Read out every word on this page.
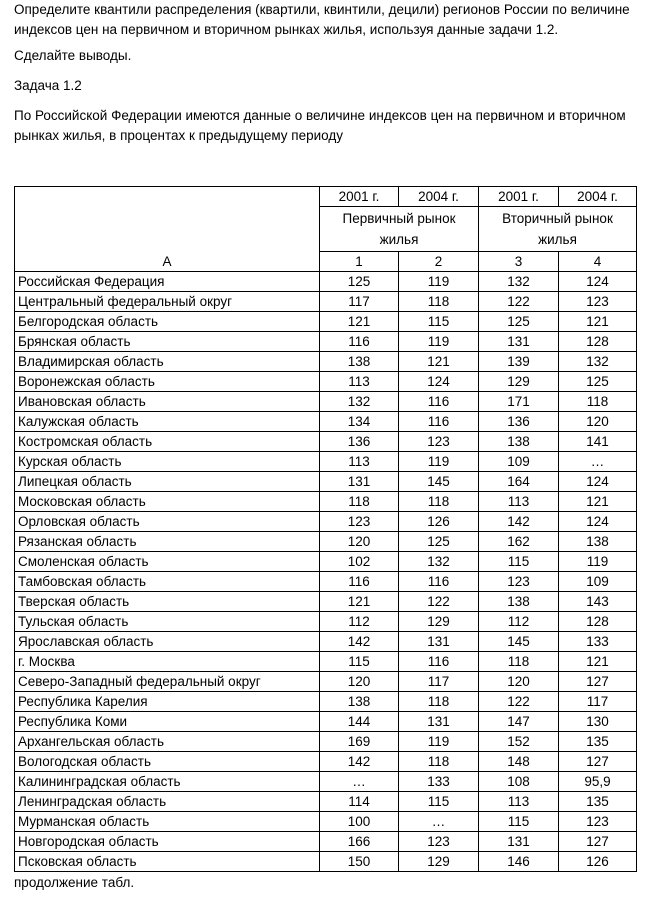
Определите квантили распределения (квартили, квинтили, децили) регионов России по величине индексов цен на первичном и вторичном рынках жилья, используя данные задачи 1.2.

Сделайте выводы.

Задача 1.2

По Российской Федерации имеются данные о величине индексов цен на первичном и вторичном рынках жилья, в процентах к предыдущему периоду

	2001 г.	2004 г.	2001 г.	2004 г.
	Первичный рынок жилья		Вторичный рынок жилья	
А	1	2	3	4
Российская Федерация	125	119	132	124
Центральный федеральный округ	117	118	122	123
Белгородская область	121	115	125	121
Брянская область	116	119	131	128
Владимирская область	138	121	139	132
Воронежская область	113	124	129	125
Ивановская область	132	116	171	118
Калужская область	134	116	136	120
Костромская область	136	123	138	141
Курская область	113	119	109	…
Липецкая область	131	145	164	124
Московская область	118	118	113	121
Орловская область	123	126	142	124
Рязанская область	120	125	162	138
Смоленская область	102	132	115	119
Тамбовская область	116	116	123	109
Тверская область	121	122	138	143
Тульская область	112	129	112	128
Ярославская область	142	131	145	133
г. Москва	115	116	118	121
Северо-Западный федеральный округ	120	117	120	127
Республика Карелия	138	118	122	117
Республика Коми	144	131	147	130
Архангельская область	169	119	152	135
Вологодская область	142	118	148	127
Калининградская область	…	133	108	95,9
Ленинградская область	114	115	113	135
Мурманская область	100	…	115	123
Новгородская область	166	123	131	127
Псковская область	150	129	146	126

продолжение табл.
